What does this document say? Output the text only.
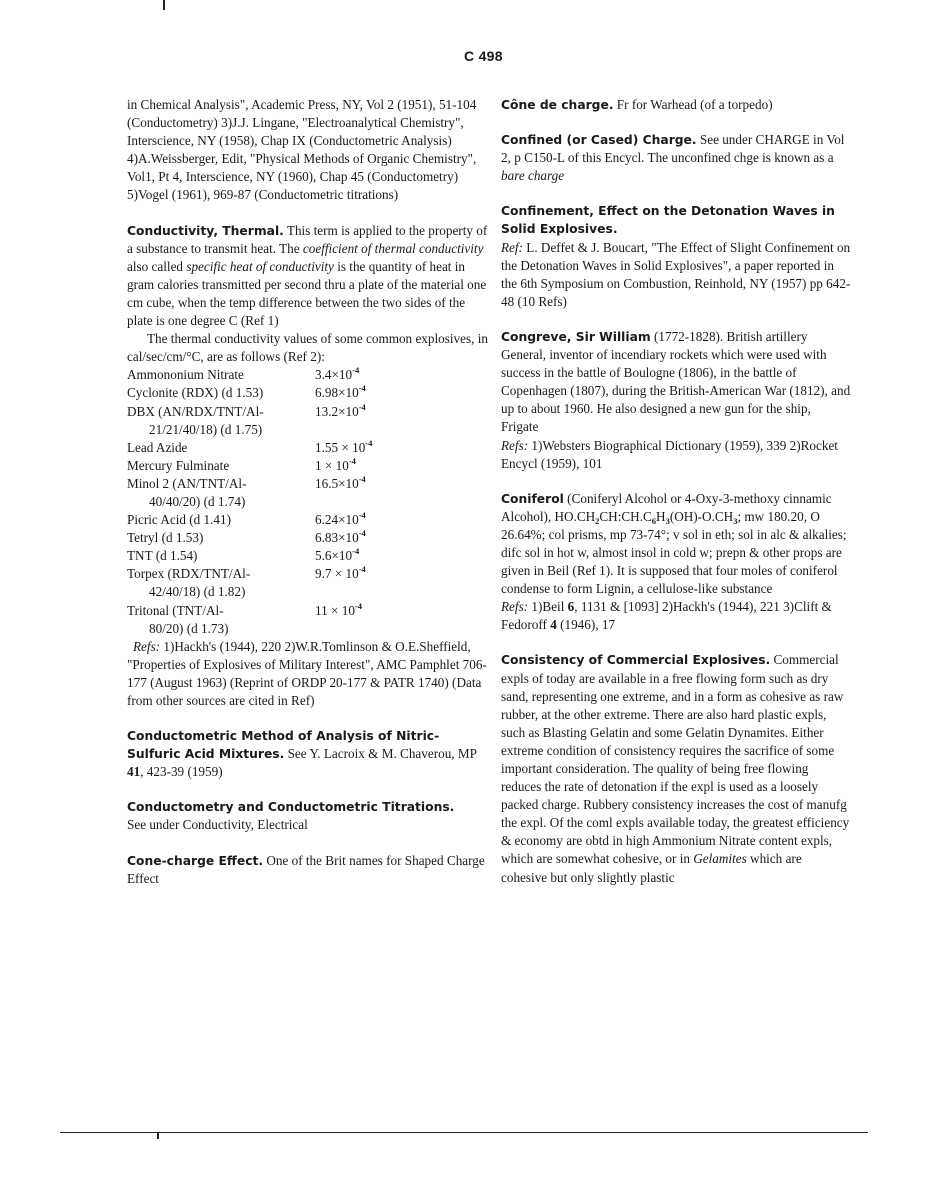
C 498

in Chemical Analysis", Academic Press, NY, Vol 2 (1951), 51-104 (Conductometry) 3)J.J. Lingane, "Electroanalytical Chemistry", Interscience, NY (1958), Chap IX (Conductometric Analysis) 4)A.Weissberger, Edit, "Physical Methods of Organic Chemistry", Vol1, Pt 4, Interscience, NY (1960), Chap 45 (Conductometry) 5)Vogel (1961), 969-87 (Conductometric titrations)

Conductivity, Thermal. This term is applied to the property of a substance to transmit heat. The coefficient of thermal conductivity also called specific heat of conductivity is the quantity of heat in gram calories transmitted per second thru a plate of the material one cm cube, when the temp difference between the two sides of the plate is one degree C (Ref 1)

The thermal conductivity values of some common explosives, in cal/sec/cm/°C, are as follows (Ref 2):

Ammononium Nitrate	$3.4\times 10^{-4}$
Cyclonite (RDX) (d 1.53)	$6.98\times 10^{-4}$
DBX (AN/RDX/TNT/Al-	$13.2\times 10^{-4}$
21/21/40/18) (d 1.75)
Lead Azide	$1.55 \times 10^{-4}$
Mercury Fulminate	$1 \times 10^{-4}$
Minol 2 (AN/TNT/Al-	$16.5\times 10^{-4}$
40/40/20) (d 1.74)
Picric Acid (d 1.41)	$6.24\times 10^{-4}$
Tetryl (d 1.53)	$6.83\times 10^{-4}$
TNT (d 1.54)	$5.6\times 10^{-4}$
Torpex (RDX/TNT/Al-	$9.7 \times 10^{-4}$
42/40/18) (d 1.82)
Tritonal (TNT/Al-	$11 \times 10^{-4}$
80/20) (d 1.73)

Refs: 1)Hackh's (1944), 220 2)W.R.Tomlinson & O.E.Sheffield, "Properties of Explosives of Military Interest", AMC Pamphlet 706-177 (August 1963) (Reprint of ORDP 20-177 & PATR 1740) (Data from other sources are cited in Ref)

Conductometric Method of Analysis of Nitric-Sulfuric Acid Mixtures. See Y. Lacroix & M. Chaverou, MP 41, 423-39 (1959)

Conductometry and Conductometric Titrations.
See under Conductivity, Electrical

Cone-charge Effect. One of the Brit names for Shaped Charge Effect

Cône de charge. Fr for Warhead (of a torpedo)

Confined (or Cased) Charge. See under CHARGE in Vol 2, p C150-L of this Encycl. The unconfined chge is known as a bare charge

Confinement, Effect on the Detonation Waves in Solid Explosives.
Ref: L. Deffet & J. Boucart, "The Effect of Slight Confinement on the Detonation Waves in Solid Explosives", a paper reported in the 6th Symposium on Combustion, Reinhold, NY (1957) pp 642-48 (10 Refs)

Congreve, Sir William (1772-1828). British artillery General, inventor of incendiary rockets which were used with success in the battle of Boulogne (1806), in the battle of Copenhagen (1807), during the British-American War (1812), and up to about 1960. He also designed a new gun for the ship, Frigate
Refs: 1)Websters Biographical Dictionary (1959), 339 2)Rocket Encycl (1959), 101

Coniferol (Coniferyl Alcohol or 4-Oxy-3-methoxy cinnamic Alcohol), $HO.CH_2CH:CH.C_6H_3(OH)-O.CH_3$; mw 180.20, O 26.64%; col prisms, mp 73-74°; v sol in eth; sol in alc & alkalies; difc sol in hot w, almost insol in cold w; prepn & other props are given in Beil (Ref 1). It is supposed that four moles of coniferol condense to form Lignin, a cellulose-like substance
Refs: 1)Beil 6, 1131 & [1093] 2)Hackh's (1944), 221 3)Clift & Fedoroff 4 (1946), 17

Consistency of Commercial Explosives. Commercial expls of today are available in a free flowing form such as dry sand, representing one extreme, and in a form as cohesive as raw rubber, at the other extreme. There are also hard plastic expls, such as Blasting Gelatin and some Gelatin Dynamites. Either extreme condition of consistency requires the sacrifice of some important consideration. The quality of being free flowing reduces the rate of detonation if the expl is used as a loosely packed charge. Rubbery consistency increases the cost of manufg the expl. Of the coml expls available today, the greatest efficiency & economy are obtd in high Ammonium Nitrate content expls, which are somewhat cohesive, or in Gelamites which are cohesive but only slightly plastic
